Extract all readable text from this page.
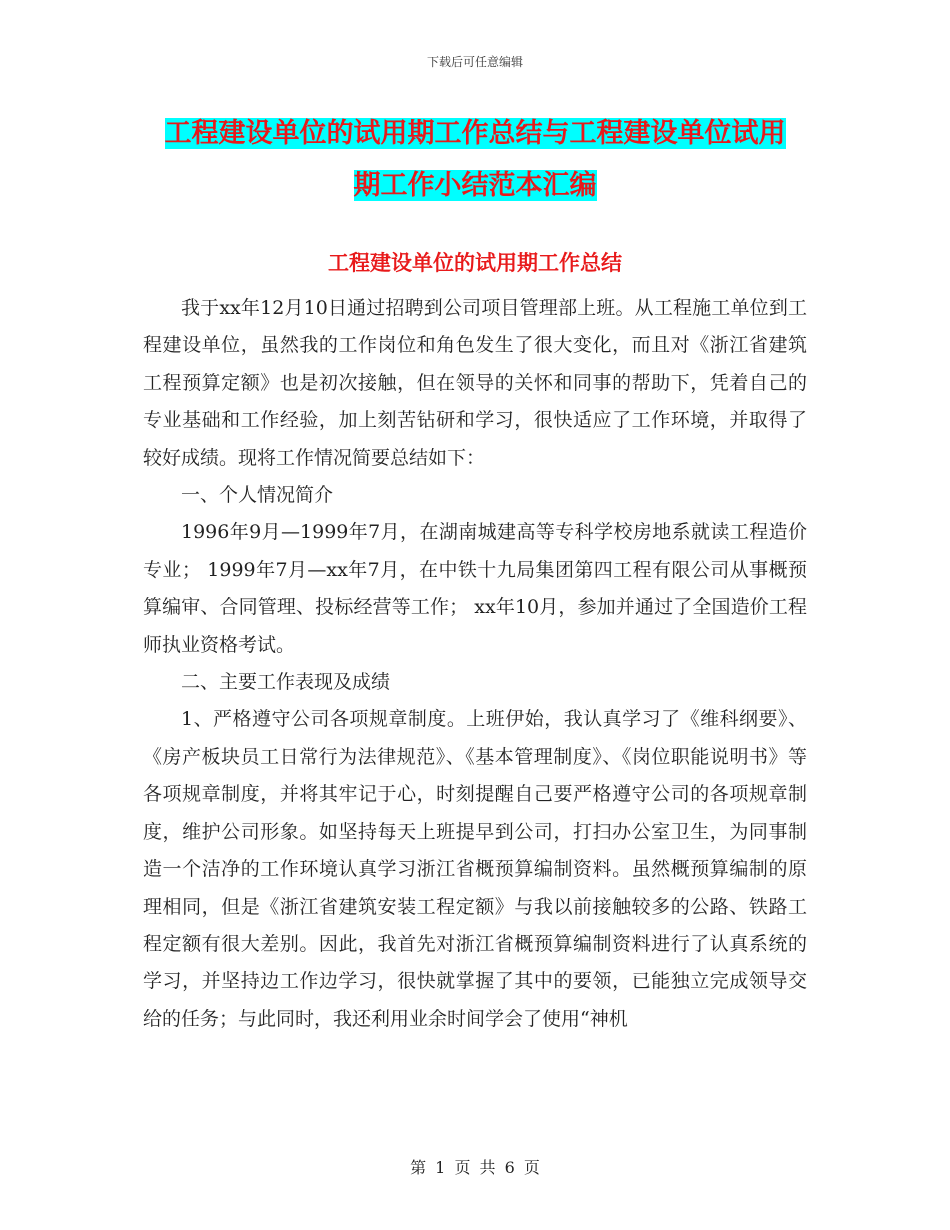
下载后可任意编辑
工程建设单位的试用期工作总结与工程建设单位试用
期工作小结范本汇编
工程建设单位的试用期工作总结

我于xx年12月10日通过招聘到公司项目管理部上班。从工程施工单位到工程建设单位，虽然我的工作岗位和角色发生了很大变化，而且对《浙江省建筑工程预算定额》也是初次接触，但在领导的关怀和同事的帮助下，凭着自己的专业基础和工作经验，加上刻苦钻研和学习，很快适应了工作环境，并取得了较好成绩。现将工作情况简要总结如下：

一、个人情况简介

1996年9月—1999年7月，在湖南城建高等专科学校房地系就读工程造价专业； 1999年7月—xx年7月，在中铁十九局集团第四工程有限公司从事概预算编审、合同管理、投标经营等工作； xx年10月，参加并通过了全国造价工程师执业资格考试。

二、主要工作表现及成绩

1、严格遵守公司各项规章制度。上班伊始，我认真学习了《维科纲要》、《房产板块员工日常行为法律规范》、《基本管理制度》、《岗位职能说明书》等各项规章制度，并将其牢记于心，时刻提醒自己要严格遵守公司的各项规章制度，维护公司形象。如坚持每天上班提早到公司，打扫办公室卫生，为同事制造一个洁净的工作环境认真学习浙江省概预算编制资料。虽然概预算编制的原理相同，但是《浙江省建筑安装工程定额》与我以前接触较多的公路、铁路工程定额有很大差别。因此，我首先对浙江省概预算编制资料进行了认真系统的学习，并坚持边工作边学习，很快就掌握了其中的要领，已能独立完成领导交给的任务；与此同时，我还利用业余时间学会了使用“神机

第 1 页 共 6 页
